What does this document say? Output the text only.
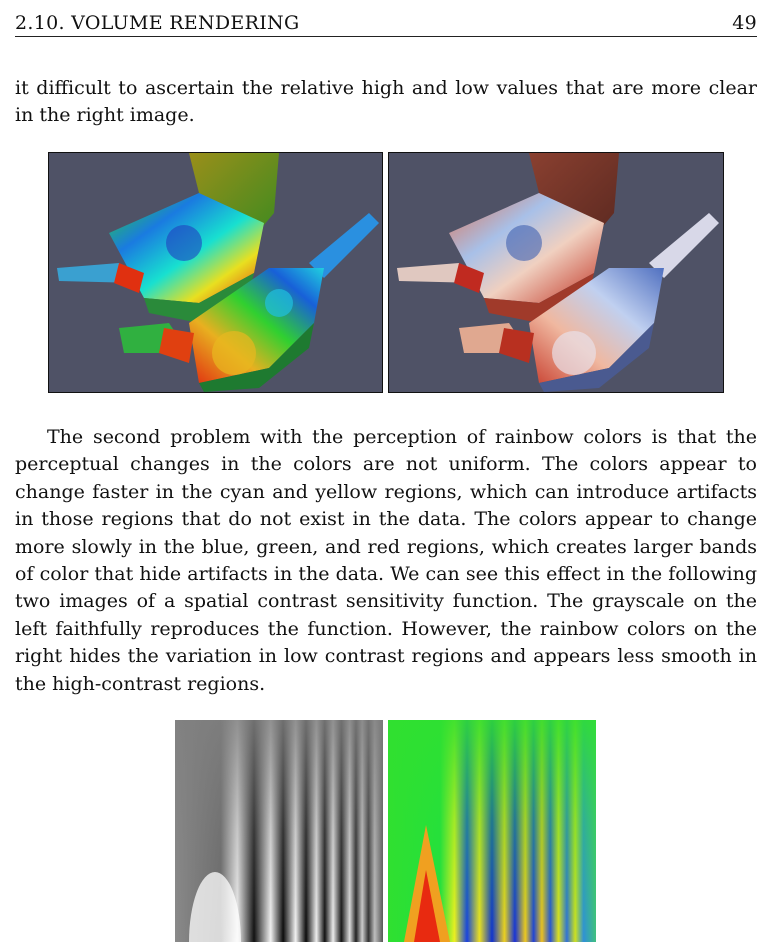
2.10. VOLUME RENDERING	49

it difficult to ascertain the relative high and low values that are more clear in the right image.

The second problem with the perception of rainbow colors is that the perceptual changes in the colors are not uniform. The colors appear to change faster in the cyan and yellow regions, which can introduce artifacts in those regions that do not exist in the data. The colors appear to change more slowly in the blue, green, and red regions, which creates larger bands of color that hide artifacts in the data. We can see this effect in the following two images of a spatial contrast sensitivity function. The grayscale on the left faithfully reproduces the function. However, the rainbow colors on the right hides the variation in low contrast regions and appears less smooth in the high-contrast regions.
